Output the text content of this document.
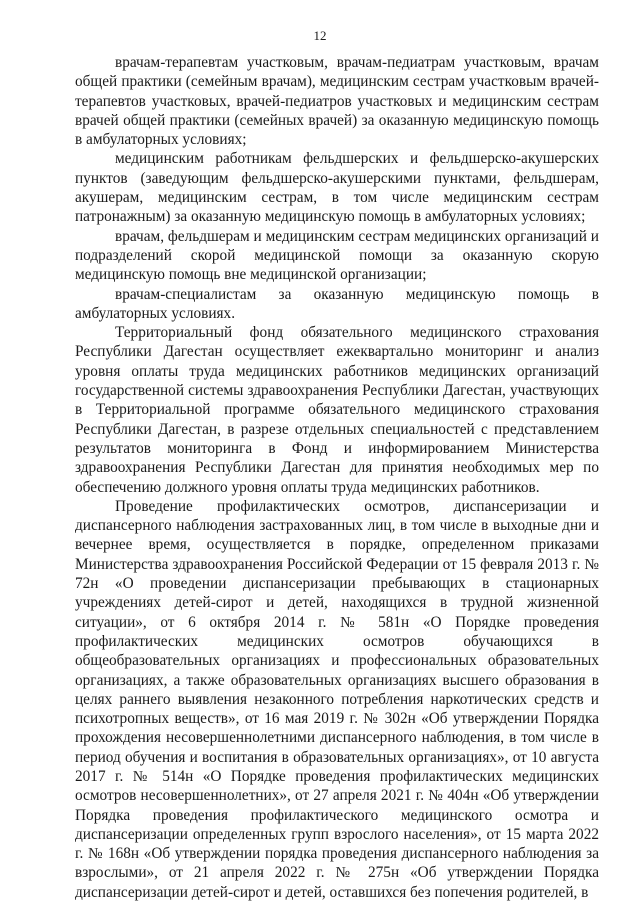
12

врачам-терапевтам участковым, врачам-педиатрам участковым, врачам общей практики (семейным врачам), медицинским сестрам участковым врачей-терапевтов участковых, врачей-педиатров участковых и медицинским сестрам врачей общей практики (семейных врачей) за оказанную медицинскую помощь в амбулаторных условиях;

медицинским работникам фельдшерских и фельдшерско-акушерских пунктов (заведующим фельдшерско-акушерскими пунктами, фельдшерам, акушерам, медицинским сестрам, в том числе медицинским сестрам патронажным) за оказанную медицинскую помощь в амбулаторных условиях;

врачам, фельдшерам и медицинским сестрам медицинских организаций и подразделений скорой медицинской помощи за оказанную скорую медицинскую помощь вне медицинской организации;

врачам-специалистам за оказанную медицинскую помощь в амбулаторных условиях.

Территориальный фонд обязательного медицинского страхования Республики Дагестан осуществляет ежеквартально мониторинг и анализ уровня оплаты труда медицинских работников медицинских организаций государственной системы здравоохранения Республики Дагестан, участвующих в Территориальной программе обязательного медицинского страхования Республики Дагестан, в разрезе отдельных специальностей с представлением результатов мониторинга в Фонд и информированием Министерства здравоохранения Республики Дагестан для принятия необходимых мер по обеспечению должного уровня оплаты труда медицинских работников.

Проведение профилактических осмотров, диспансеризации и диспансерного наблюдения застрахованных лиц, в том числе в выходные дни и вечернее время, осуществляется в порядке, определенном приказами Министерства здравоохранения Российской Федерации от 15 февраля 2013 г. № 72н «О проведении диспансеризации пребывающих в стационарных учреждениях детей-сирот и детей, находящихся в трудной жизненной ситуации», от 6 октября 2014 г. № 581н «О Порядке проведения профилактических медицинских осмотров обучающихся в общеобразовательных организациях и профессиональных образовательных организациях, а также образовательных организациях высшего образования в целях раннего выявления незаконного потребления наркотических средств и психотропных веществ», от 16 мая 2019 г. № 302н «Об утверждении Порядка прохождения несовершеннолетними диспансерного наблюдения, в том числе в период обучения и воспитания в образовательных организациях», от 10 августа 2017 г. № 514н «О Порядке проведения профилактических медицинских осмотров несовершеннолетних», от 27 апреля 2021 г. № 404н «Об утверждении Порядка проведения профилактического медицинского осмотра и диспансеризации определенных групп взрослого населения», от 15 марта 2022 г. № 168н «Об утверждении порядка проведения диспансерного наблюдения за взрослыми», от 21 апреля 2022 г. № 275н «Об утверждении Порядка диспансеризации детей-сирот и детей, оставшихся без попечения родителей, в
